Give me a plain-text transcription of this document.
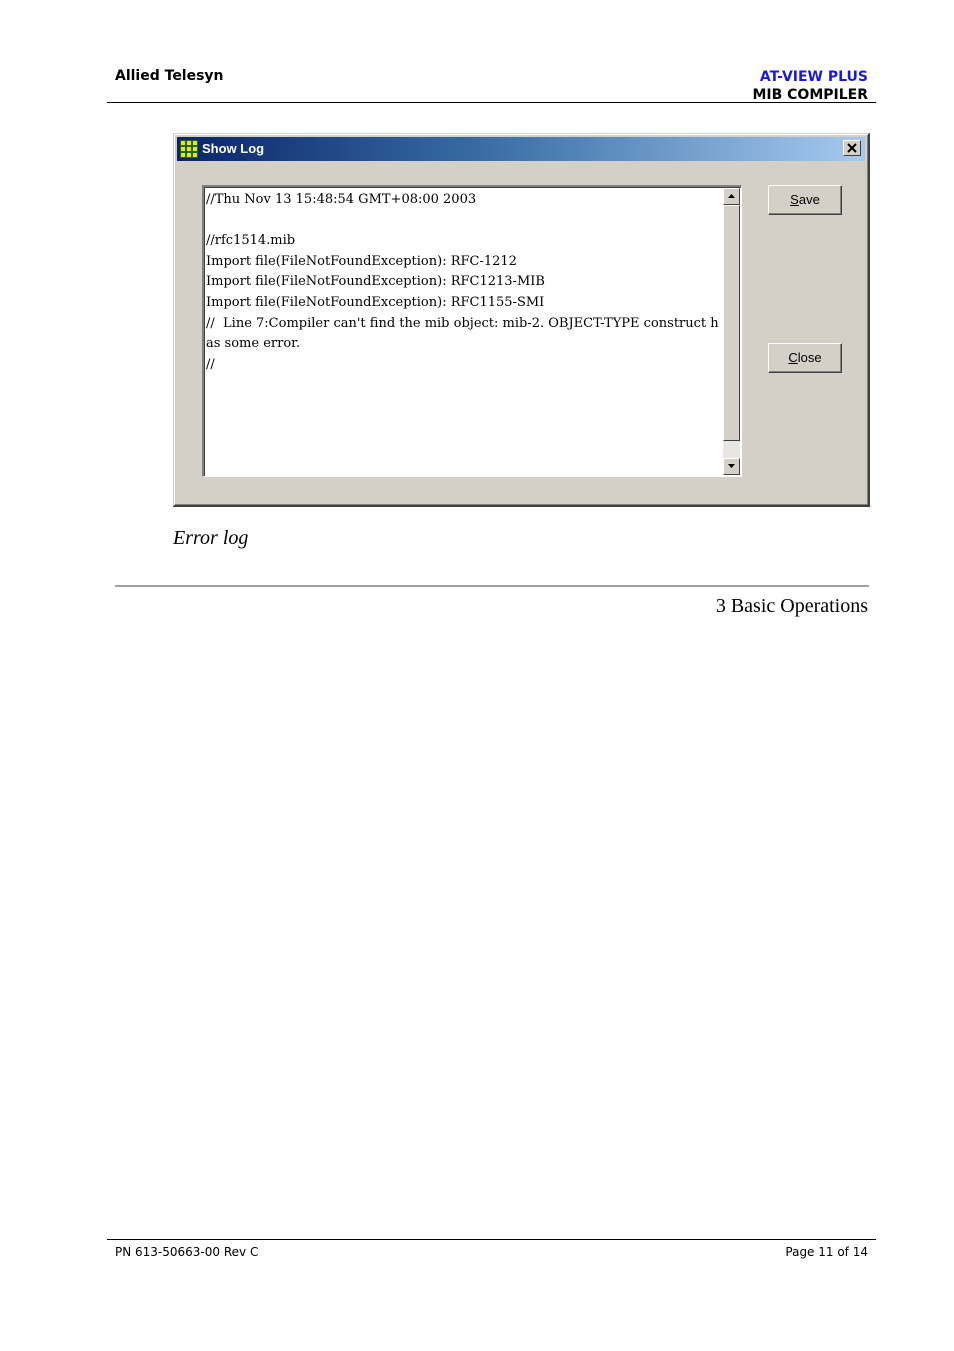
Allied Telesyn	AT-VIEW PLUS
MIB COMPILER
Show Log
//Thu Nov 13 15:48:54 GMT+08:00 2003

//rfc1514.mib
Import file(FileNotFoundException): RFC-1212
Import file(FileNotFoundException): RFC1213-MIB
Import file(FileNotFoundException): RFC1155-SMI
//  Line 7:Compiler can't find the mib object: mib-2. OBJECT-TYPE construct has some error.
//
Save
Close
Error log
3 Basic Operations
PN 613-50663-00 Rev C	Page 11 of 14
